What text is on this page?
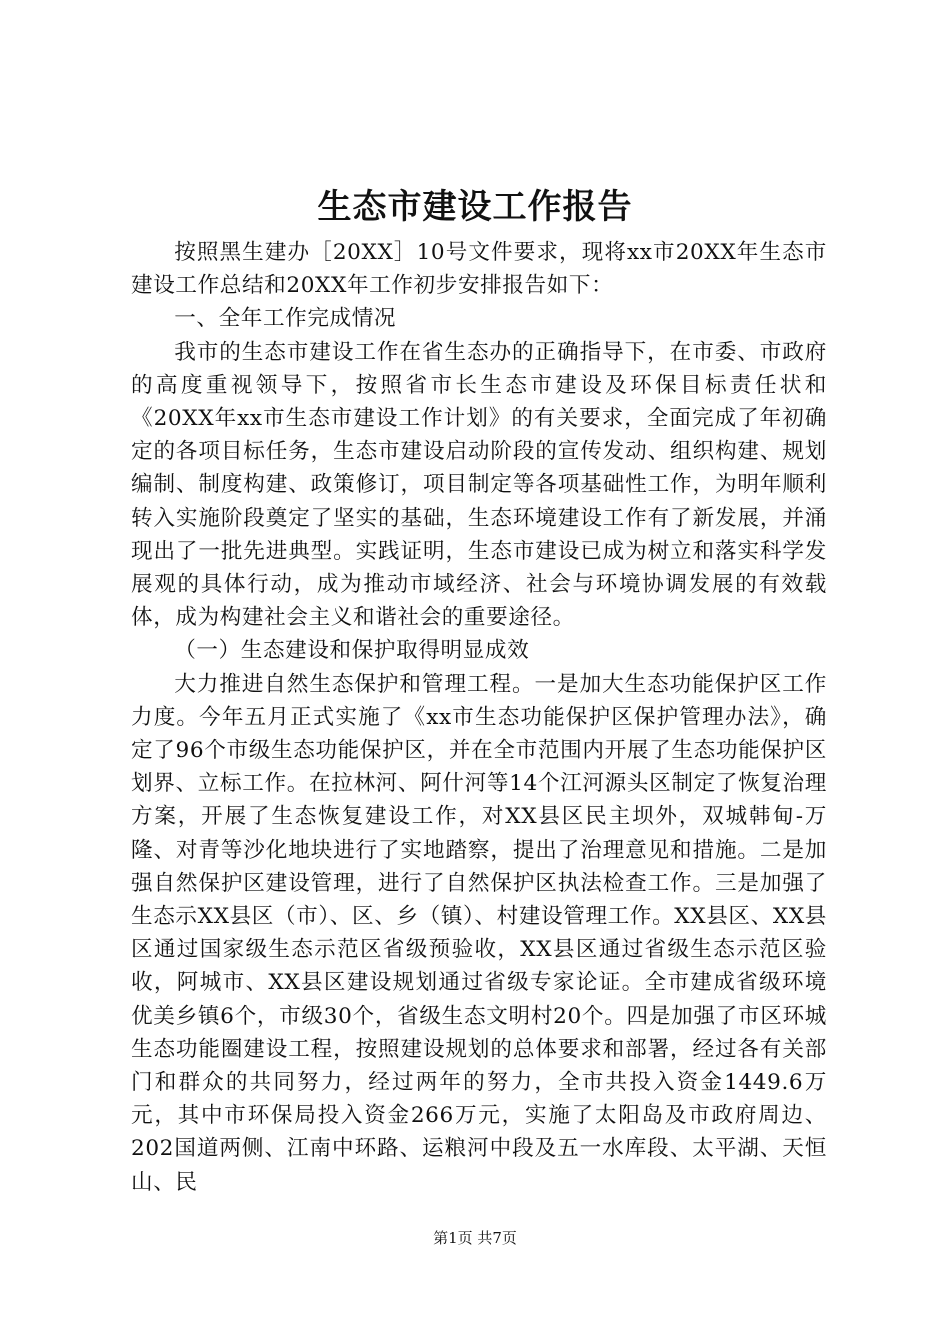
生态市建设工作报告

按照黑生建办［20XX］10号文件要求，现将xx市20XX年生态市建设工作总结和20XX年工作初步安排报告如下：

一、全年工作完成情况

我市的生态市建设工作在省生态办的正确指导下，在市委、市政府的高度重视领导下，按照省市长生态市建设及环保目标责任状和《20XX年xx市生态市建设工作计划》的有关要求，全面完成了年初确定的各项目标任务，生态市建设启动阶段的宣传发动、组织构建、规划编制、制度构建、政策修订，项目制定等各项基础性工作，为明年顺利转入实施阶段奠定了坚实的基础，生态环境建设工作有了新发展，并涌现出了一批先进典型。实践证明，生态市建设已成为树立和落实科学发展观的具体行动，成为推动市域经济、社会与环境协调发展的有效载体，成为构建社会主义和谐社会的重要途径。

（一）生态建设和保护取得明显成效

大力推进自然生态保护和管理工程。一是加大生态功能保护区工作力度。今年五月正式实施了《xx市生态功能保护区保护管理办法》，确定了96个市级生态功能保护区，并在全市范围内开展了生态功能保护区划界、立标工作。在拉林河、阿什河等14个江河源头区制定了恢复治理方案，开展了生态恢复建设工作，对XX县区民主坝外，双城韩甸-万隆、对青等沙化地块进行了实地踏察，提出了治理意见和措施。二是加强自然保护区建设管理，进行了自然保护区执法检查工作。三是加强了生态示XX县区（市）、区、乡（镇）、村建设管理工作。XX县区、XX县区通过国家级生态示范区省级预验收，XX县区通过省级生态示范区验收，阿城市、XX县区建设规划通过省级专家论证。全市建成省级环境优美乡镇6个，市级30个，省级生态文明村20个。四是加强了市区环城生态功能圈建设工程，按照建设规划的总体要求和部署，经过各有关部门和群众的共同努力，经过两年的努力，全市共投入资金1449.6万元，其中市环保局投入资金266万元，实施了太阳岛及市政府周边、202国道两侧、江南中环路、运粮河中段及五一水库段、太平湖、天恒山、民

第1页 共7页
